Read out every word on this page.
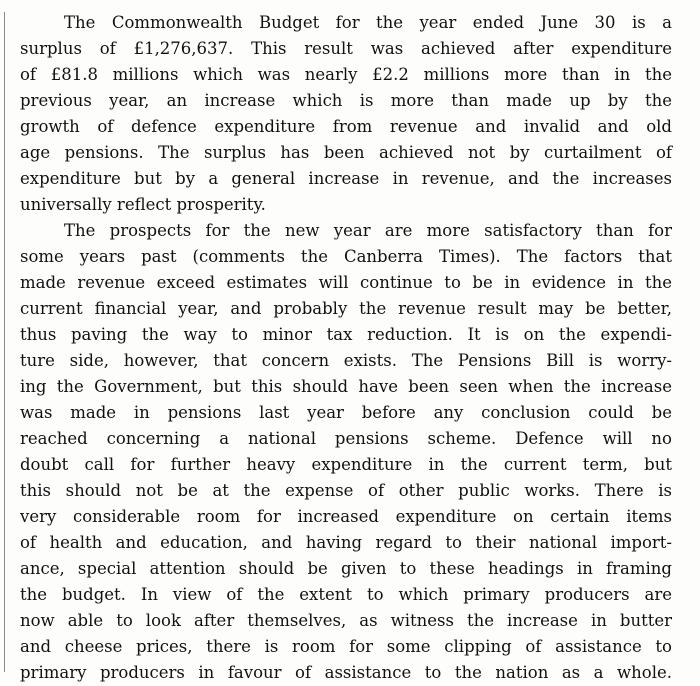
The Commonwealth Budget for the year ended June 30 is a
surplus of £1,276,637. This result was achieved after expenditure
of £81.8 millions which was nearly £2.2 millions more than in the
previous year, an increase which is more than made up by the
growth of defence expenditure from revenue and invalid and old
age pensions. The surplus has been achieved not by curtailment of
expenditure but by a general increase in revenue, and the increases
universally reflect prosperity.
The prospects for the new year are more satisfactory than for
some years past (comments the Canberra Times). The factors that
made revenue exceed estimates will continue to be in evidence in the
current financial year, and probably the revenue result may be better,
thus paving the way to minor tax reduction. It is on the expendi-
ture side, however, that concern exists. The Pensions Bill is worry-
ing the Government, but this should have been seen when the increase
was made in pensions last year before any conclusion could be
reached concerning a national pensions scheme. Defence will no
doubt call for further heavy expenditure in the current term, but
this should not be at the expense of other public works. There is
very considerable room for increased expenditure on certain items
of health and education, and having regard to their national import-
ance, special attention should be given to these headings in framing
the budget. In view of the extent to which primary producers are
now able to look after themselves, as witness the increase in butter
and cheese prices, there is room for some clipping of assistance to
primary producers in favour of assistance to the nation as a whole.
